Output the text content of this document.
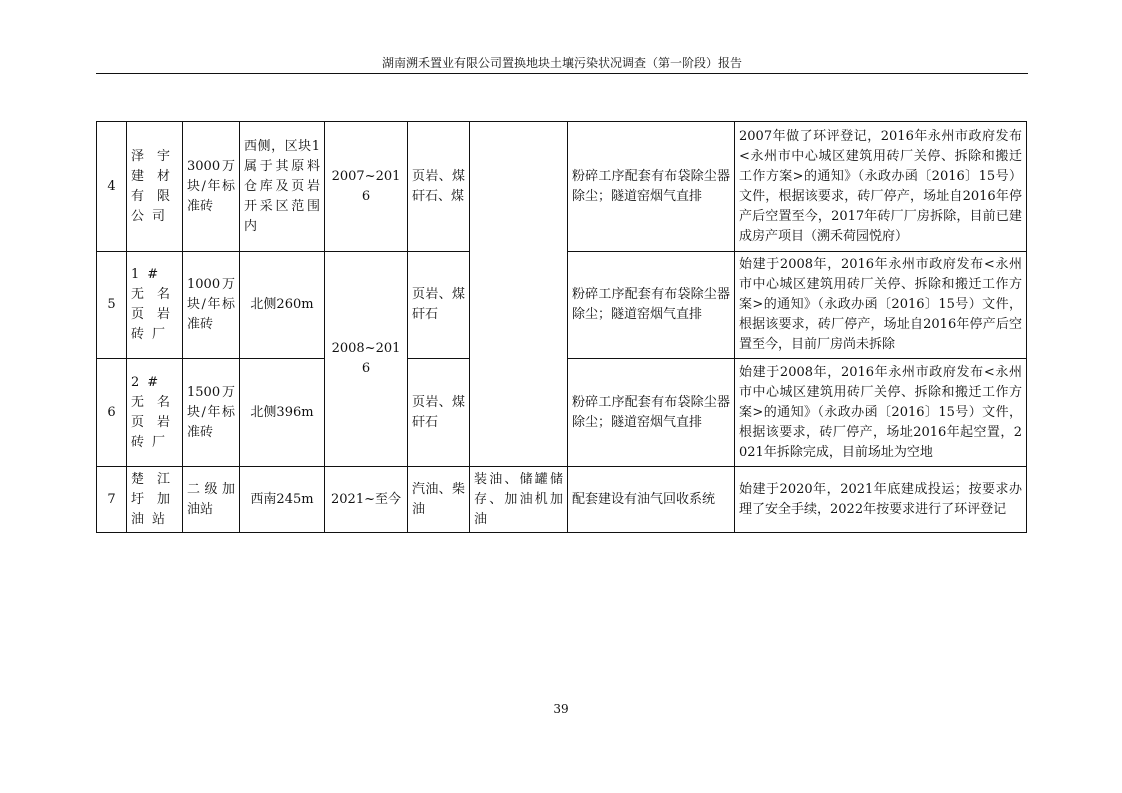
湖南溯禾置业有限公司置换地块土壤污染状况调查（第一阶段）报告
4	泽宇建材有限公司	3000万块/年标准砖	西侧，区块1属于其原料仓库及页岩开采区范围内	2007~2016	页岩、煤矸石、煤		粉碎工序配套有布袋除尘器除尘；隧道窑烟气直排	2007年做了环评登记，2016年永州市政府发布<永州市中心城区建筑用砖厂关停、拆除和搬迁工作方案>的通知》（永政办函〔2016〕15号）文件，根据该要求，砖厂停产，场址自2016年停产后空置至今，2017年砖厂厂房拆除，目前已建成房产项目（溯禾荷园悦府）
5	1#无名页岩砖厂	1000万块/年标准砖	北侧260m	2008~2016	页岩、煤矸石		粉碎工序配套有布袋除尘器除尘；隧道窑烟气直排	始建于2008年，2016年永州市政府发布<永州市中心城区建筑用砖厂关停、拆除和搬迁工作方案>的通知》（永政办函〔2016〕15号）文件，根据该要求，砖厂停产，场址自2016年停产后空置至今，目前厂房尚未拆除
6	2#无名页岩砖厂	1500万块/年标准砖	北侧396m		页岩、煤矸石		粉碎工序配套有布袋除尘器除尘；隧道窑烟气直排	始建于2008年，2016年永州市政府发布<永州市中心城区建筑用砖厂关停、拆除和搬迁工作方案>的通知》（永政办函〔2016〕15号）文件，根据该要求，砖厂停产，场址2016年起空置，2021年拆除完成，目前场址为空地
7	楚江圩加油站	二级加油站	西南245m	2021~至今	汽油、柴油	装油、储罐储存、加油机加油	配套建设有油气回收系统	始建于2020年，2021年底建成投运；按要求办理了安全手续，2022年按要求进行了环评登记
39
